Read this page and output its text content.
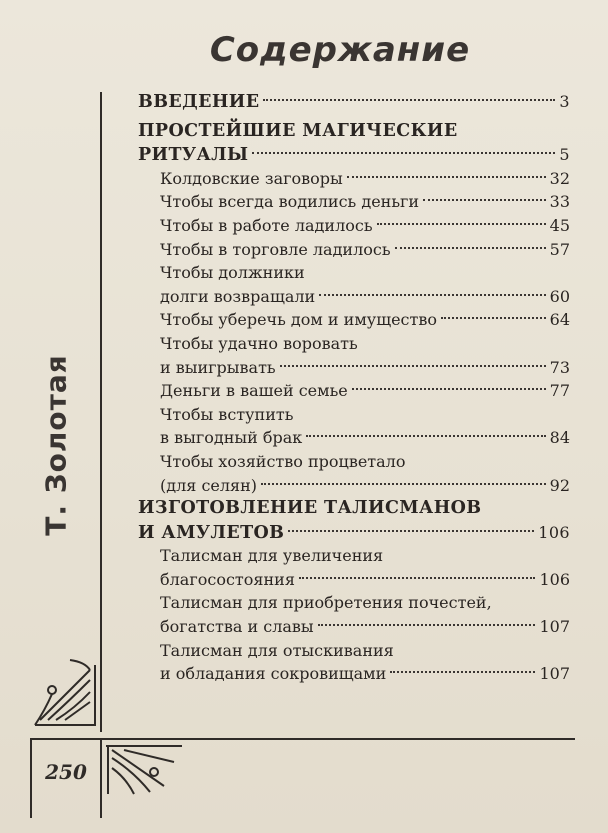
Содержание
Т. Золотая
250
ВВЕДЕНИЕ	3
ПРОСТЕЙШИЕ МАГИЧЕСКИЕ
РИТУАЛЫ	5
Колдовские заговоры	32
Чтобы всегда водились деньги	33
Чтобы в работе ладилось	45
Чтобы в торговле ладилось	57
Чтобы должники
долги возвращали	60
Чтобы уберечь дом и имущество	64
Чтобы удачно воровать
и выигрывать	73
Деньги в вашей семье	77
Чтобы вступить
в выгодный брак	84
Чтобы хозяйство процветало
(для селян)	92
ИЗГОТОВЛЕНИЕ ТАЛИСМАНОВ
И АМУЛЕТОВ	106
Талисман для увеличения
благосостояния	106
Талисман для приобретения почестей,
богатства и славы	107
Талисман для отыскивания
и обладания сокровищами	107
